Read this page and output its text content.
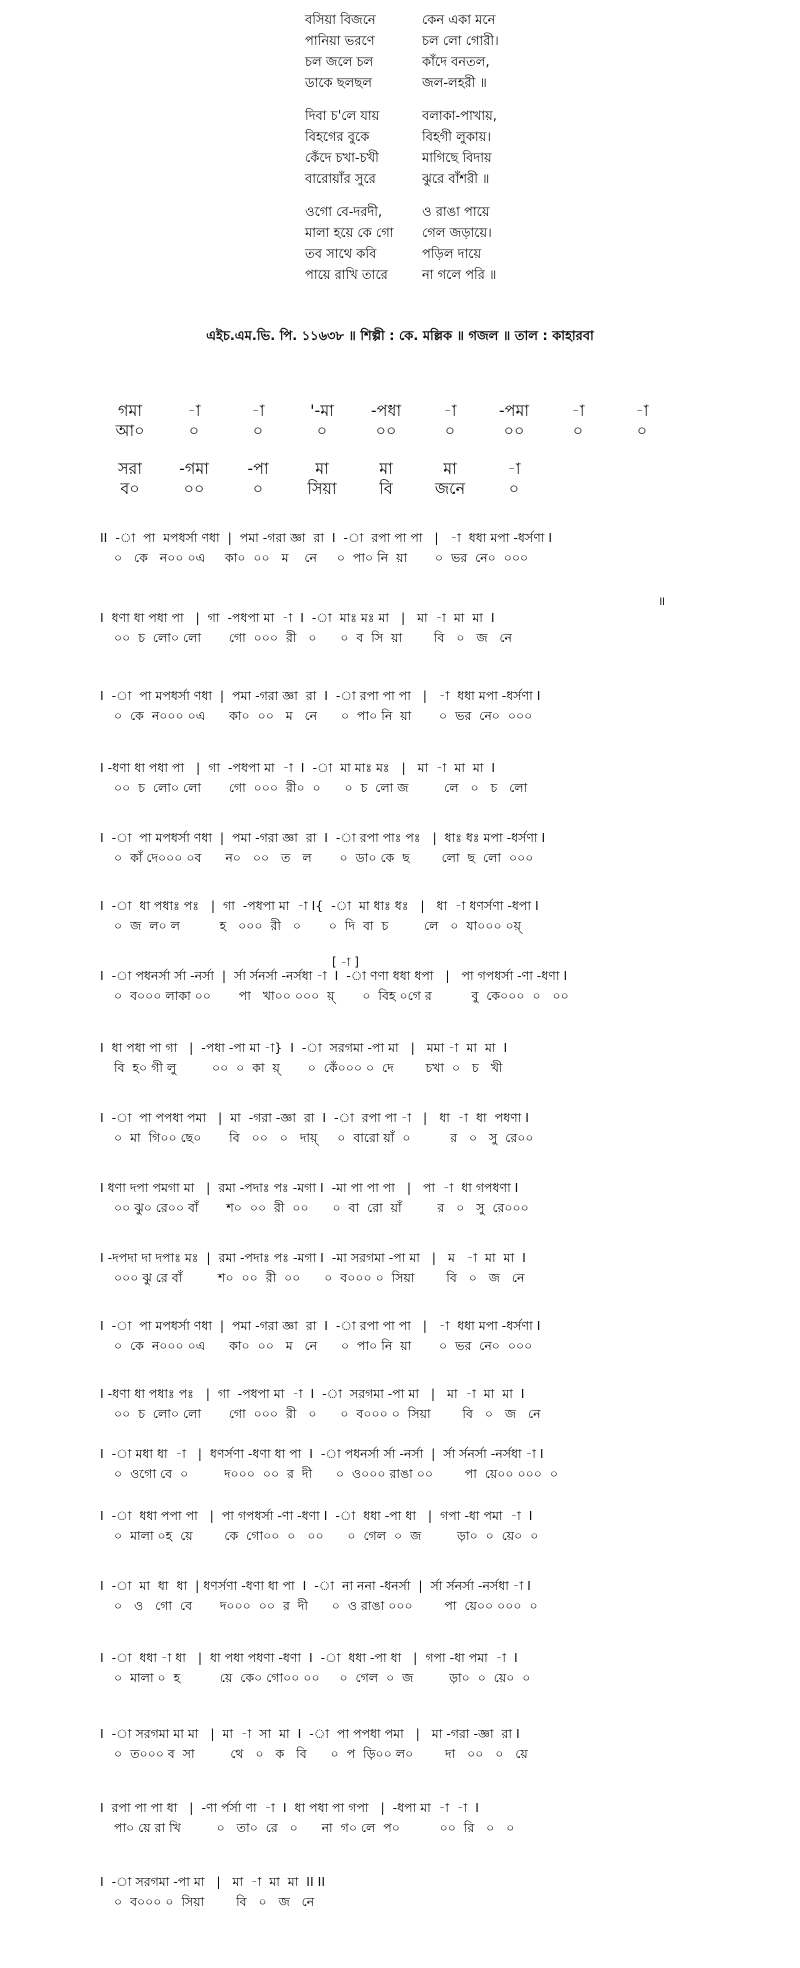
বসিয়া বিজনে	কেন একা মনে
পানিয়া ভরণে	চল লো গোরী।
চল জলে চল	কাঁদে বনতল,
ডাকে ছলছল	জল-লহরী ॥
দিবা চ'লে যায়	বলাকা-পাখায়,
বিহগের বুকে	বিহগী লুকায়।
কেঁদে চখা-চখী	মাগিছে বিদায়
বারোয়াঁর সুরে	ঝুরে বাঁশরী ॥
ওগো বে-দরদী,	ও রাঙা পায়ে
মালা হয়ে কে গো	গেল জড়ায়ে।
তব সাথে কবি	পড়িল দায়ে
পায়ে রাখি তারে	না গলে পরি ॥
এইচ.এম.ভি. পি. ১১৬৩৮ ॥ শিল্পী : কে. মল্লিক ॥ গজল ॥ তাল : কাহারবা
গমা	-া	-া	'-মা	-পধা	-া	-পমা	-া	-া
আ০	০	০	০	০০	০	০০	০	০
সরা	-গমা	-পা	মা	মা	মা	-া
ব০	০০	০	সিয়া	বি	জনে	০
II  -া  পা  মপধর্সা ণধা  |  পমা -গরা জ্ঞা  রা  I  -া  রপা পা পা   |   -া  ধধা মপা -ধর্সণা I
০   কে   ন০০ ০এ     কা০  ০০   ম    নে     ০  পা০ নি  য়া       ০  ভর  নে০  ০০০
I  ধণা ধা পধা পা   |  গা  -পধপা মা  -া  I  -া  মাঃ মঃ মা   |   মা  -া  মা  মা  I
০০  চ  লো০ লো       গো  ০০০  রী   ০      ০  ব  সি  য়া        বি   ০   জ   নে
I  -া  পা মপধর্সা ণধা  |  পমা -গরা জ্ঞা  রা  I  -া রপা পা পা   |   -া  ধধা মপা -ধর্সণা I
০  কে  ন০০০ ০এ      কা০  ০০   ম   নে      ০  পা০ নি  য়া       ০  ভর  নে০  ০০০
I -ধণা ধা পধা পা   |  গা  -পধপা মা  -া  I  -া  মা মাঃ মঃ   |   মা  -া  মা  মা  I
০০  চ  লো০ লো       গো  ০০০  রী০  ০      ০  চ  লো জ         লে   ০   চ   লো
I  -া  পা মপধর্সা ণধা  |  পমা -গরা জ্ঞা  রা  I  -া রপা পাঃ পঃ   |  ধাঃ ধঃ মপা -ধর্সণা I
০  কাঁ দে০০০ ০ব      ন০   ০০   ত   ল       ০  ডা০ কে  ছ        লো  ছ  লো  ০০০
I  -া  ধা পধাঃ পঃ   |  গা  -পধপা মা  -া I{  -া  মা ধাঃ ধঃ   |   ধা  -া ধণর্সণা -ধপা I
০  জ  ল০ ল          হ   ০০০  রী   ০       ০  দি  বা  চ         লে   ০  যা০০০ ০য়্
I  -া পধনর্সা র্সা -নর্সা  |  র্সা র্সনর্সা -নর্সধা -া  I  -া ণণা ধধা ধপা   |   পা গপধর্সা -ণা -ধণা I
০  ব০০০ লাকা ০০       পা   খা০০ ০০০  য়্       ০  বিহ ০গে র          বু  কে০০০  ০   ০০
I  ধা পধা পা গা   |  -পধা -পা মা -া}  I  -া  সরগমা -পা মা   |   মমা -া  মা  মা  I
বি  হ০ গী লু         ০০  ০  কা  য়্       ০  কেঁ০০০ ০  দে        চখা  ০   চ   খী
I  -া  পা পপধা পমা   |  মা  -গরা -জ্ঞা  রা  I  -া  রপা পা -া   |   ধা  -া  ধা  পধণা I
০  মা  গি০০ ছে০       বি   ০০   ০   দায়্     ০  বারো য়াঁ  ০          র   ০   সু  রে০০
I ধণা দপা পমগা মা   |  রমা -পদাঃ পঃ -মগা I  -মা পা পা পা   |   পা  -া  ধা গপধণা I
০০ ঝু০ রে০০ বাঁ       শ০  ০০  রী  ০০      ০  বা  রো  য়াঁ         র   ০   সু  রে০০০
I -দপদা দা দপাঃ মঃ  |  রমা -পদাঃ পঃ -মগা I  -মা সরগমা -পা মা   |   ম   -া  মা  মা  I
০০০ ঝু রে বাঁ         শ০  ০০  রী  ০০      ০  ব০০০ ০  সিয়া        বি   ০   জ   নে
I  -া  পা মপধর্সা ণধা  |  পমা -গরা জ্ঞা  রা  I  -া রপা পা পা   |   -া  ধধা মপা -ধর্সণা I
০  কে  ন০০০ ০এ      কা০  ০০   ম   নে      ০  পা০ নি  য়া       ০  ভর  নে০  ০০০
I -ধণা ধা পধাঃ পঃ   |  গা  -পধপা মা  -া  I  -া  সরগমা -পা মা   |   মা  -া  মা  মা  I
০০  চ  লো০ লো       গো  ০০০  রী   ০      ০  ব০০০ ০  সিয়া        বি   ০   জ   নে
I  -া মধা ধা  -া   |  ধণর্সণা -ধণা ধা পা  I  -া পধনর্সা র্সা -নর্সা  |  র্সা র্সনর্সা -নর্সধা -া I
০  ওগো বে  ০         দ০০০  ০০  র  দী      ০  ও০০০ রাঙা ০০        পা  য়ে০০ ০০০  ০
I  -া  ধধা পপা পা   |  পা গপধর্সা -ণা -ধণা I  -া  ধধা -পা ধা   |  গপা -ধা পমা  -া  I
০  মালা ০হ  য়ে        কে  গো০০  ০   ০০      ০  গেল  ০  জ         ড়া০  ০  য়ে০  ০
I  -া  মা  ধা  ধা  | ধণর্সণা -ধণা ধা পা  I  -া  না ননা -ধনর্সা  |  র্সা র্সনর্সা -নর্সধা -া I
০   ও   গো  বে       দ০০০  ০০  র  দী      ০  ও রাঙা ০০০        পা  য়ে০০ ০০০  ০
I  -া  ধধা -া ধা   |  ধা পধা পধণা -ধণা  I  -া  ধধা -পা ধা   |  গপা -ধা পমা  -া  I
০  মালা ০  হ          য়ে  কে০ গো০০ ০০     ০  গেল  ০  জ         ড়া০  ০  য়ে০  ০
I  -া সরগমা মা মা   |  মা  -া  সা  মা  I  -া  পা পপধা পমা   |   মা -গরা -জ্ঞা  রা I
০  ত০০০ ব  সা         থে   ০   ক   বি      ০  প  ড়ি০০ ল০        দা   ০০   ০   য়ে
I  রপা পা পা ধা   |  -ণা র্পর্সা ণা  -া  I  ধা পধা পা গপা   |  -ধপা মা  -া  -া  I
পা০ য়ে রা খি         ০   তা০  রে   ০      না  গ০ লে  প০          ০০  রি   ০   ০
I  -া সরগমা -পা মা   |   মা  -া  মা  মা  II II
০  ব০০০ ০  সিয়া        বি   ০   জ   নে
[ -া ]
॥
